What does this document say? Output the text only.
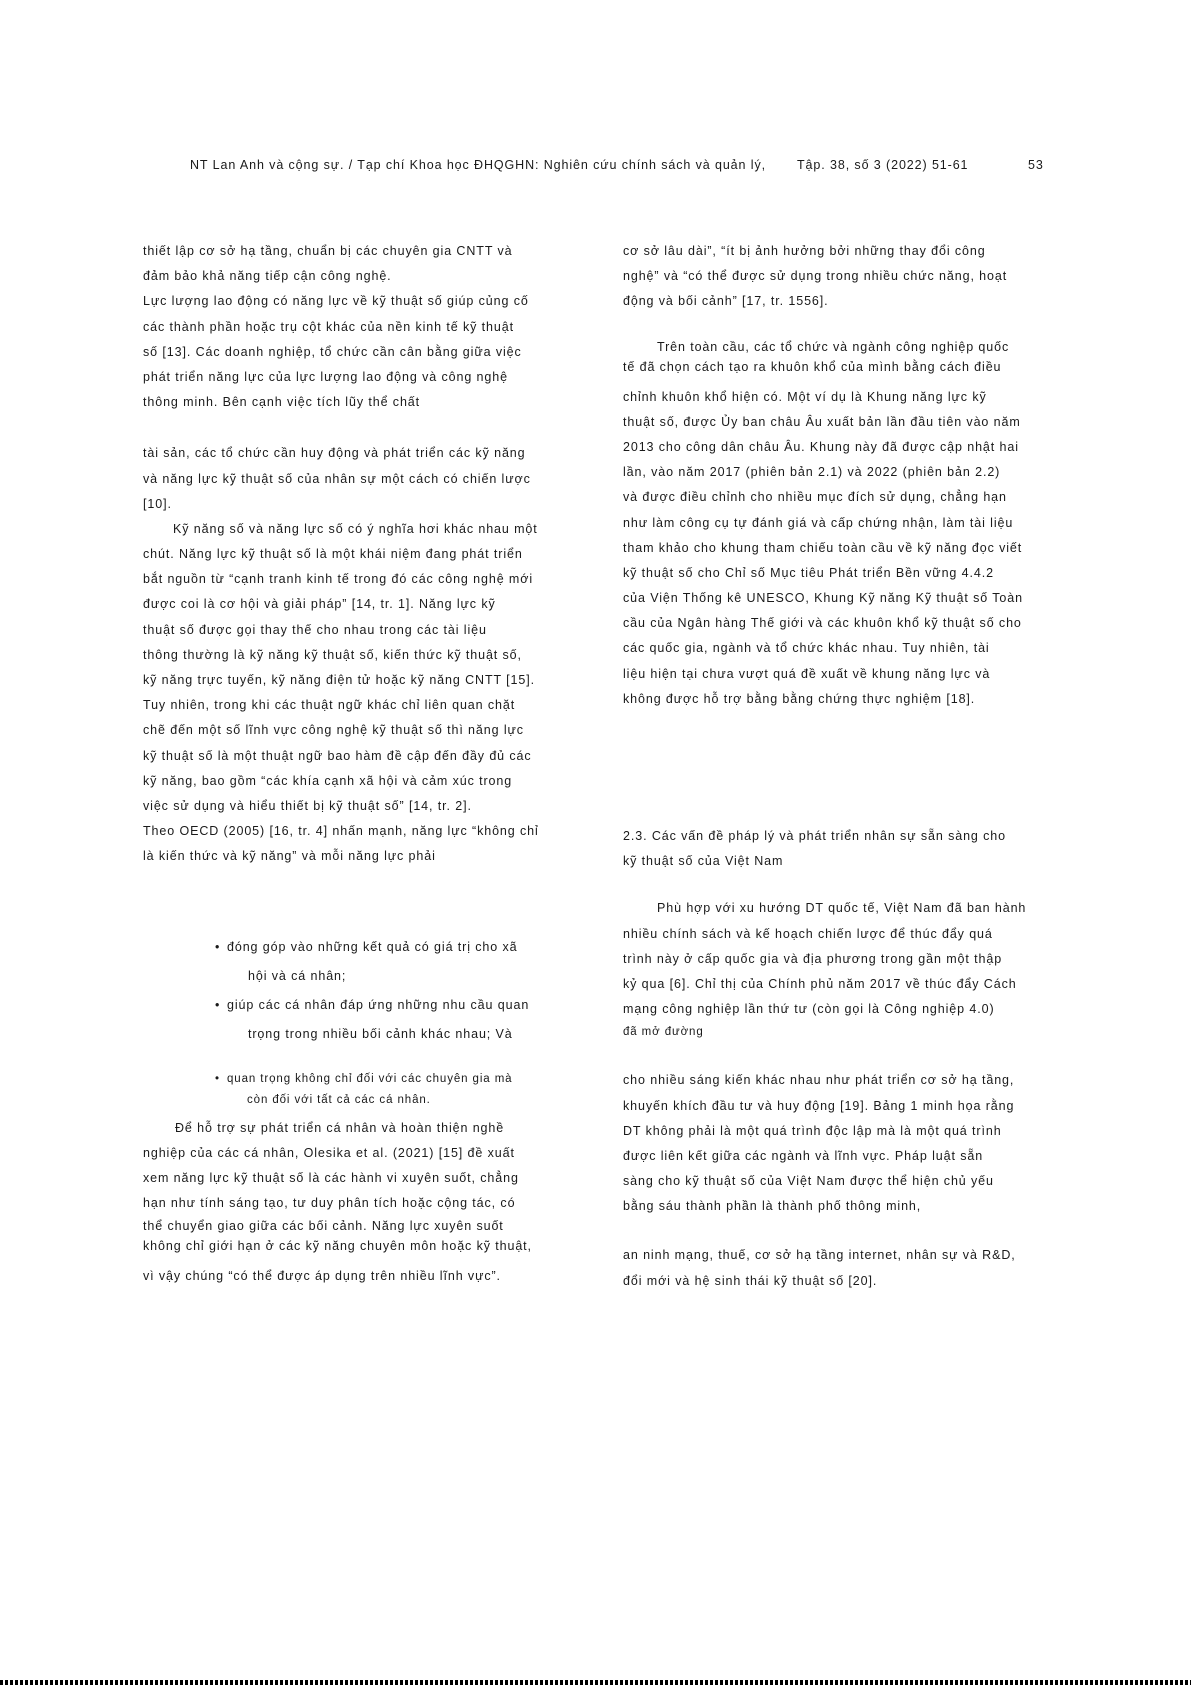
NT Lan Anh và cộng sự. / Tạp chí Khoa học ĐHQGHN: Nghiên cứu chính sách và quản lý, Tập. 38, số 3 (2022) 51-61	53
thiết lập cơ sở hạ tầng, chuẩn bị các chuyên gia CNTT và
đảm bảo khả năng tiếp cận công nghệ.
Lực lượng lao động có năng lực về kỹ thuật số giúp củng cố
các thành phần hoặc trụ cột khác của nền kinh tế kỹ thuật
số [13]. Các doanh nghiệp, tổ chức cần cân bằng giữa việc
phát triển năng lực của lực lượng lao động và công nghệ
thông minh. Bên cạnh việc tích lũy thể chất
tài sản, các tổ chức cần huy động và phát triển các kỹ năng
và năng lực kỹ thuật số của nhân sự một cách có chiến lược
[10].
Kỹ năng số và năng lực số có ý nghĩa hơi khác nhau một
chút. Năng lực kỹ thuật số là một khái niệm đang phát triển
bắt nguồn từ “cạnh tranh kinh tế trong đó các công nghệ mới
được coi là cơ hội và giải pháp” [14, tr. 1]. Năng lực kỹ
thuật số được gọi thay thế cho nhau trong các tài liệu
thông thường là kỹ năng kỹ thuật số, kiến thức kỹ thuật số,
kỹ năng trực tuyến, kỹ năng điện tử hoặc kỹ năng CNTT [15].
Tuy nhiên, trong khi các thuật ngữ khác chỉ liên quan chặt
chẽ đến một số lĩnh vực công nghệ kỹ thuật số thì năng lực
kỹ thuật số là một thuật ngữ bao hàm đề cập đến đầy đủ các
kỹ năng, bao gồm “các khía cạnh xã hội và cảm xúc trong
việc sử dụng và hiểu thiết bị kỹ thuật số” [14, tr. 2].
Theo OECD (2005) [16, tr. 4] nhấn mạnh, năng lực “không chỉ
là kiến thức và kỹ năng” và mỗi năng lực phải
• đóng góp vào những kết quả có giá trị cho xã
hội và cá nhân;
• giúp các cá nhân đáp ứng những nhu cầu quan
trọng trong nhiều bối cảnh khác nhau; Và
• quan trọng không chỉ đối với các chuyên gia mà
còn đối với tất cả các cá nhân.
Để hỗ trợ sự phát triển cá nhân và hoàn thiện nghề
nghiệp của các cá nhân, Olesika et al. (2021) [15] đề xuất
xem năng lực kỹ thuật số là các hành vi xuyên suốt, chẳng
hạn như tính sáng tạo, tư duy phân tích hoặc cộng tác, có
thể chuyển giao giữa các bối cảnh. Năng lực xuyên suốt
không chỉ giới hạn ở các kỹ năng chuyên môn hoặc kỹ thuật,
vì vậy chúng “có thể được áp dụng trên nhiều lĩnh vực”.
cơ sở lâu dài”, “ít bị ảnh hưởng bởi những thay đổi công
nghệ” và “có thể được sử dụng trong nhiều chức năng, hoạt
động và bối cảnh” [17, tr. 1556].
Trên toàn cầu, các tổ chức và ngành công nghiệp quốc
tế đã chọn cách tạo ra khuôn khổ của mình bằng cách điều
chỉnh khuôn khổ hiện có. Một ví dụ là Khung năng lực kỹ
thuật số, được Ủy ban châu Âu xuất bản lần đầu tiên vào năm
2013 cho công dân châu Âu. Khung này đã được cập nhật hai
lần, vào năm 2017 (phiên bản 2.1) và 2022 (phiên bản 2.2)
và được điều chỉnh cho nhiều mục đích sử dụng, chẳng hạn
như làm công cụ tự đánh giá và cấp chứng nhận, làm tài liệu
tham khảo cho khung tham chiếu toàn cầu về kỹ năng đọc viết
kỹ thuật số cho Chỉ số Mục tiêu Phát triển Bền vững 4.4.2
của Viện Thống kê UNESCO, Khung Kỹ năng Kỹ thuật số Toàn
cầu của Ngân hàng Thế giới và các khuôn khổ kỹ thuật số cho
các quốc gia, ngành và tổ chức khác nhau. Tuy nhiên, tài
liệu hiện tại chưa vượt quá đề xuất về khung năng lực và
không được hỗ trợ bằng bằng chứng thực nghiệm [18].
2.3. Các vấn đề pháp lý và phát triển nhân sự sẵn sàng cho
kỹ thuật số của Việt Nam
Phù hợp với xu hướng DT quốc tế, Việt Nam đã ban hành
nhiều chính sách và kế hoạch chiến lược để thúc đẩy quá
trình này ở cấp quốc gia và địa phương trong gần một thập
kỷ qua [6]. Chỉ thị của Chính phủ năm 2017 về thúc đẩy Cách
mạng công nghiệp lần thứ tư (còn gọi là Công nghiệp 4.0)
đã mở đường
cho nhiều sáng kiến khác nhau như phát triển cơ sở hạ tầng,
khuyến khích đầu tư và huy động [19]. Bảng 1 minh họa rằng
DT không phải là một quá trình độc lập mà là một quá trình
được liên kết giữa các ngành và lĩnh vực. Pháp luật sẵn
sàng cho kỹ thuật số của Việt Nam được thể hiện chủ yếu
bằng sáu thành phần là thành phố thông minh,
an ninh mạng, thuế, cơ sở hạ tầng internet, nhân sự và R&D,
đổi mới và hệ sinh thái kỹ thuật số [20].
